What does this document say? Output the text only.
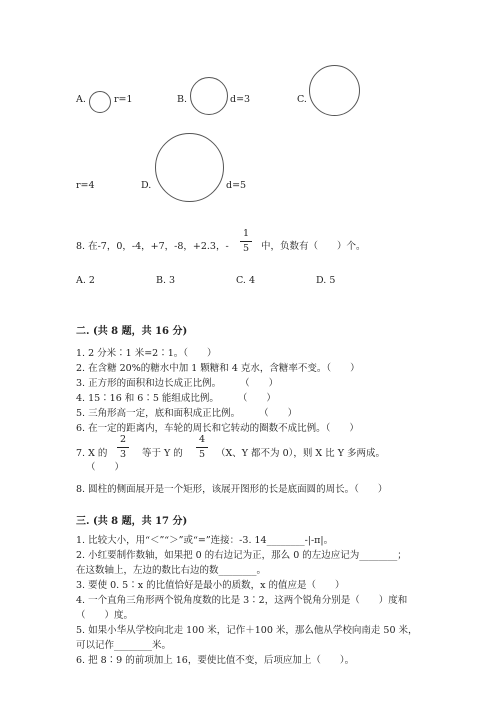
A.	r=1	B.	d=3	C.
r=4	D.	d=5
8. 在-7，0，-4，+7，-8，+2.3，-
1
5	中，负数有（　　）个。
A. 2	B. 3	C. 4	D. 5
二. (共 8 题，共 16 分)
1. 2 分米∶1 米=2∶1。（　　）
2. 在含糖 20%的糖水中加 1 颗糖和 4 克水，含糖率不变。（　　）
3. 正方形的面积和边长成正比例。　　　（　　）
4. 15∶16 和 6∶5 能组成比例。　　　（　　）
5. 三角形高一定，底和面积成正比例。　　　（　　）
6. 在一定的距离内，车轮的周长和它转动的圈数不成比例。（　　）
7. X 的
2
3	等于 Y 的
4
5	（X、Y 都不为 0），则 X 比 Y 多两成。
（　　）
8. 圆柱的侧面展开是一个矩形，该展开图形的长是底面圆的周长。（　　）
三. (共 8 题，共 17 分)
1. 比较大小，用“＜”“＞”或“=”连接：-3. 14________-|-π|。
2. 小红要制作数轴，如果把 0 的右边记为正，那么 0 的左边应记为________；
在这数轴上，左边的数比右边的数________。
3. 要使 0. 5∶x 的比值恰好是最小的质数，x 的值应是（　　）
4. 一个直角三角形两个锐角度数的比是 3∶2，这两个锐角分别是（　　）度和
（　　）度。
5. 如果小华从学校向北走 100 米，记作＋100 米，那么他从学校向南走 50 米，
可以记作________米。
6. 把 8∶9 的前项加上 16，要使比值不变，后项应加上（　　）。
